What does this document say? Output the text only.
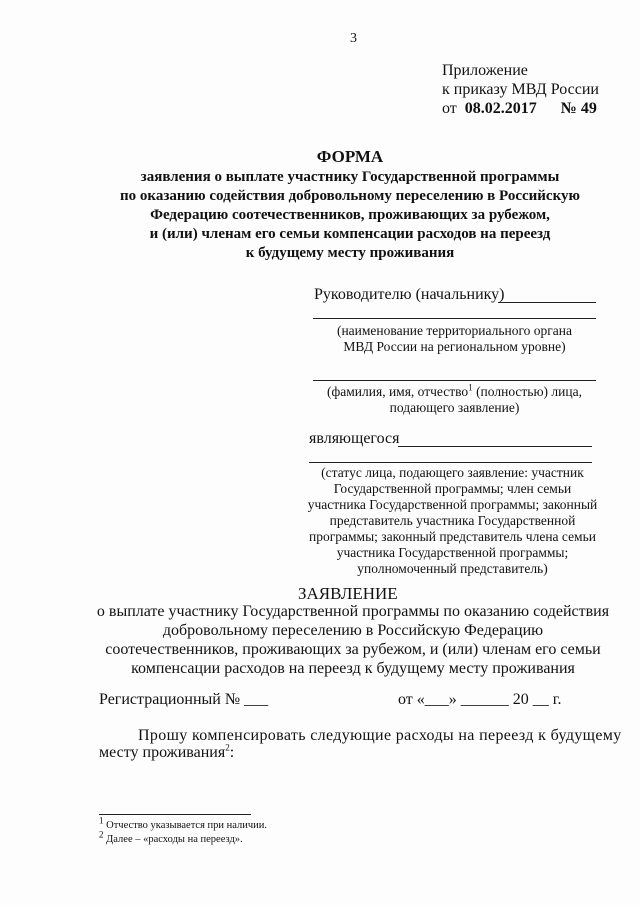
3
Приложение
к приказу МВД России
от 08.02.2017 № 49
ФОРМА
заявления о выплате участнику Государственной программы
по оказанию содействия добровольному переселению в Российскую
Федерацию соотечественников, проживающих за рубежом,
и (или) членам его семьи компенсации расходов на переезд
к будущему месту проживания
Руководителю (начальнику)
(наименование территориального органа
МВД России на региональном уровне)
(фамилия, имя, отчество$^1$ (полностью) лица,
подающего заявление)
являющегося
(статус лица, подающего заявление: участник
Государственной программы; член семьи
участника Государственной программы; законный
представитель участника Государственной
программы; законный представитель члена семьи
участника Государственной программы;
уполномоченный представитель)
ЗАЯВЛЕНИЕ
о выплате участнику Государственной программы по оказанию содействия
добровольному переселению в Российскую Федерацию
соотечественников, проживающих за рубежом, и (или) членам его семьи
компенсации расходов на переезд к будущему месту проживания
Регистрационный № ___	от «___» ______ 20 __ г.
Прошу компенсировать следующие расходы на переезд к будущему
месту проживания$^2$:
$^1$ Отчество указывается при наличии.
$^2$ Далее – «расходы на переезд».
